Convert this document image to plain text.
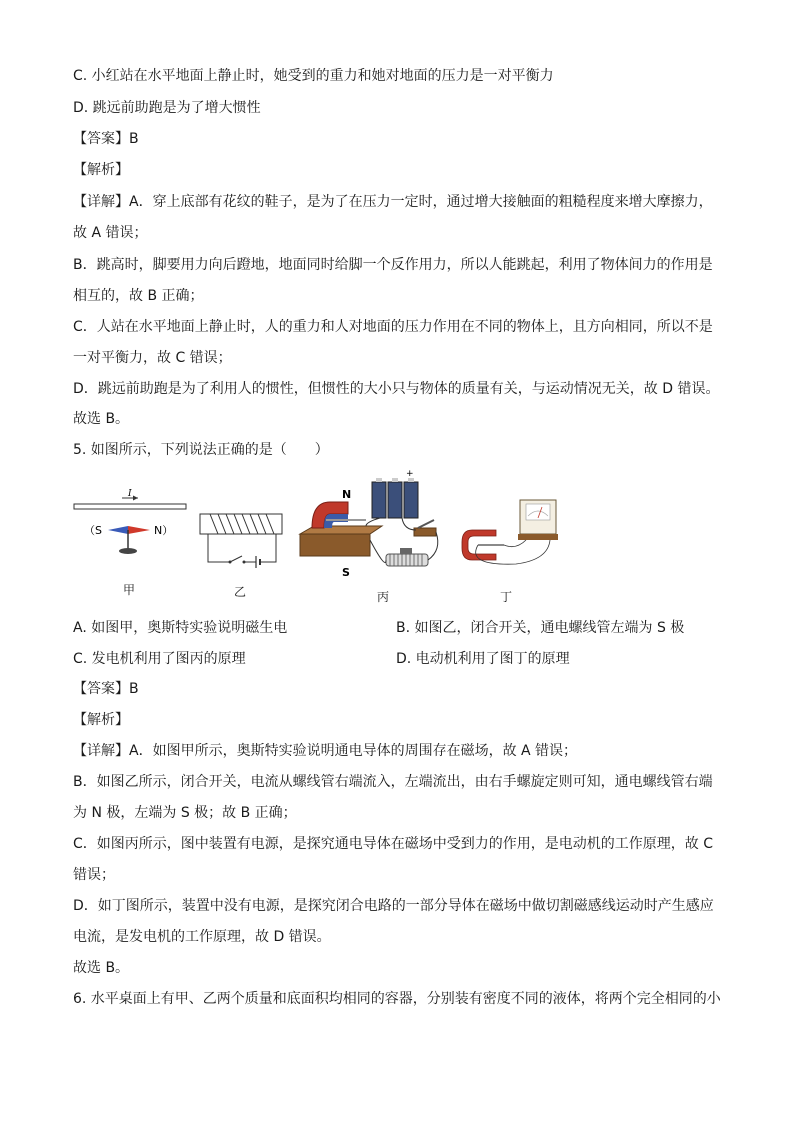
C. 小红站在水平地面上静止时，她受到的重力和她对地面的压力是一对平衡力
D. 跳远前助跑是为了增大惯性
【答案】B
【解析】
【详解】A．穿上底部有花纹的鞋子，是为了在压力一定时，通过增大接触面的粗糙程度来增大摩擦力，
故 A 错误；
B．跳高时，脚要用力向后蹬地，地面同时给脚一个反作用力，所以人能跳起，利用了物体间力的作用是
相互的，故 B 正确；
C．人站在水平地面上静止时，人的重力和人对地面的压力作用在不同的物体上，且方向相同，所以不是
一对平衡力，故 C 错误；
D．跳远前助跑是为了利用人的惯性，但惯性的大小只与物体的质量有关，与运动情况无关，故 D 错误。
故选 B。
5. 如图所示，下列说法正确的是（　　）
I
（S	N）
甲	乙
N
S
+
丙	丁
A. 如图甲，奥斯特实验说明磁生电	B. 如图乙，闭合开关，通电螺线管左端为 S 极
C. 发电机利用了图丙的原理	D. 电动机利用了图丁的原理
【答案】B
【解析】
【详解】A．如图甲所示，奥斯特实验说明通电导体的周围存在磁场，故 A 错误；
B．如图乙所示，闭合开关，电流从螺线管右端流入，左端流出，由右手螺旋定则可知，通电螺线管右端
为 N 极，左端为 S 极；故 B 正确；
C．如图丙所示，图中装置有电源，是探究通电导体在磁场中受到力的作用，是电动机的工作原理，故 C
错误；
D．如丁图所示，装置中没有电源，是探究闭合电路的一部分导体在磁场中做切割磁感线运动时产生感应
电流，是发电机的工作原理，故 D 错误。
故选 B。
6. 水平桌面上有甲、乙两个质量和底面积均相同的容器，分别装有密度不同的液体，将两个完全相同的小
